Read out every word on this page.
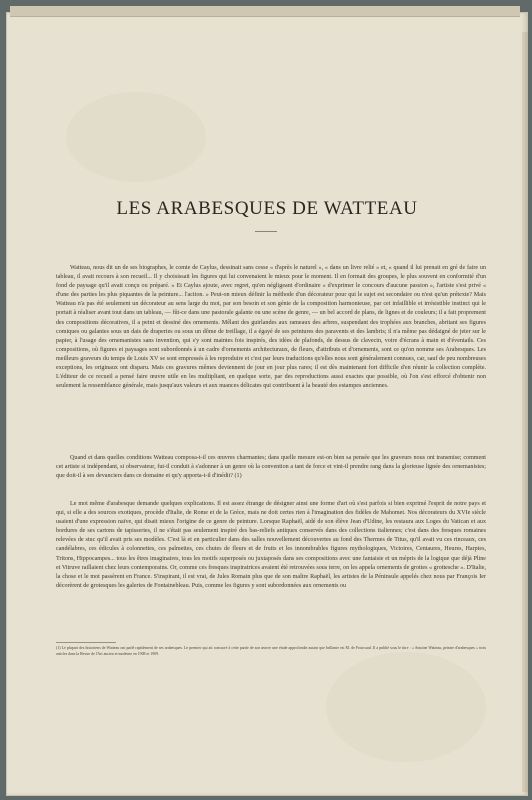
LES ARABESQUES DE WATTEAU

Watteau, nous dit un de ses biographes, le comte de Caylus, dessinait sans cesse « d'après le naturel », « dans un livre relié » et, « quand il lui prenait en gré de faire un tableau, il avait recours à son recueil... Il y choisissait les figures qui lui convenaient le mieux pour le moment. Il en formait des groupes, le plus souvent en conformité d'un fond de paysage qu'il avait conçu ou préparé. » Et Caylus ajoute, avec regret, qu'en négligeant d'ordinaire « d'exprimer le concours d'aucune passion », l'artiste s'est privé « d'une des parties les plus piquantes de la peinture... l'action. » Peut-on mieux définir la méthode d'un décorateur pour qui le sujet est secondaire ou n'est qu'un prétexte? Mais Watteau n'a pas été seulement un décorateur au sens large du mot, par son besoin et son génie de la composition harmonieuse, par cet infaillible et irrésistible instinct qui le portait à réaliser avant tout dans un tableau, — fût-ce dans une pastorale galante ou une scène de genre, — un bel accord de plans, de lignes et de couleurs; il a fait proprement des compositions décoratives, il a peint et dessiné des ornements. Mêlant des guirlandes aux rameaux des arbres, suspendant des trophées aux branches, abritant ses figures comiques ou galantes sous un dais de draperies ou sous un dôme de treillage, il a égayé de ses peintures des paravents et des lambris; il n'a même pas dédaigné de jeter sur le papier, à l'usage des ornemanistes sans invention, qui s'y sont maintes fois inspirés, des idées de plafonds, de dessus de clavecin, voire d'écrans à main et d'éventails. Ces compositions, où figures et paysages sont subordonnés à un cadre d'ornements architecturaux, de fleurs, d'attributs et d'ornements, sont ce qu'on nomme ses Arabesques. Les meilleurs graveurs du temps de Louis XV se sont empressés à les reproduire et c'est par leurs traductions qu'elles nous sont généralement connues, car, sauf de peu nombreuses exceptions, les originaux ont disparu. Mais ces gravures mêmes deviennent de jour en jour plus rares; il est dès maintenant fort difficile d'en réunir la collection complète. L'éditeur de ce recueil a pensé faire œuvre utile en les multipliant, en quelque sorte, par des reproductions aussi exactes que possible, où l'on s'est efforcé d'obtenir non seulement la ressemblance générale, mais jusqu'aux valeurs et aux nuances délicates qui contribuent à la beauté des estampes anciennes.

Quand et dans quelles conditions Watteau composa-t-il ces œuvres charmantes; dans quelle mesure est-on bien sa pensée que les graveurs nous ont transmise; comment cet artiste si indépendant, si observateur, fut-il conduit à s'adonner à un genre où la convention a tant de force et vint-il prendre rang dans la glorieuse lignée des ornemanistes; que doit-il à ses devanciers dans ce domaine et qu'y apporta-t-il d'inédit? (1)

Le mot même d'arabesque demande quelques explications. Il est assez étrange de désigner ainsi une forme d'art où s'est parfois si bien exprimé l'esprit de notre pays et qui, si elle a des sources exotiques, procède d'Italie, de Rome et de la Grèce, mais ne doit certes rien à l'imagination des fidèles de Mahomet. Nos décorateurs du XVIe siècle usaient d'une expression naïve, qui disait mieux l'origine de ce genre de peinture. Lorsque Raphaël, aidé de son élève Jean d'Udine, les restaura aux Loges du Vatican et aux bordures de ses cartons de tapisseries, il ne s'était pas seulement inspiré des bas-reliefs antiques conservés dans des collections italiennes; c'est dans des fresques romaines relevées de stuc qu'il avait pris ses modèles. C'est là et en particulier dans des salles nouvellement découvertes au fond des Thermes de Titus, qu'il avait vu ces rinceaux, ces candélabres, ces édicules à colonnettes, ces palmettes, ces chutes de fleurs et de fruits et les innombrables figures mythologiques, Victoires, Centaures, Heures, Harpies, Tritons, Hippocampes... tous les êtres imaginaires, tous les motifs superposés ou juxtaposés dans ses compositions avec une fantaisie et un mépris de la logique que déjà Pline et Vitruve raillaient chez leurs contemporains. Or, comme ces fresques inspiratrices avaient été retrouvées sous terre, on les appela ornements de grottes « grottesche ». D'Italie, la chose et le mot passèrent en France. S'inspirant, il est vrai, de Jules Romain plus que de son maître Raphaël, les artistes de la Péninsule appelés chez nous par François Ier décorèrent de grotesques les galeries de Fontainebleau. Puis, comme les figures y sont subordonnées aux ornements ou

(1) Le plupart des historiens de Watteau ont parlé rapidement de ses arabesques. Le premier qui ait consacré à cette partie de son œuvre une étude approfondie autant que brillante est M. de Fourcaud. Il a publié sous le titre : « Antoine Watteau, peintre d'arabesques » trois articles dans la Revue de l'Art ancien et moderne en 1908 et 1909.
